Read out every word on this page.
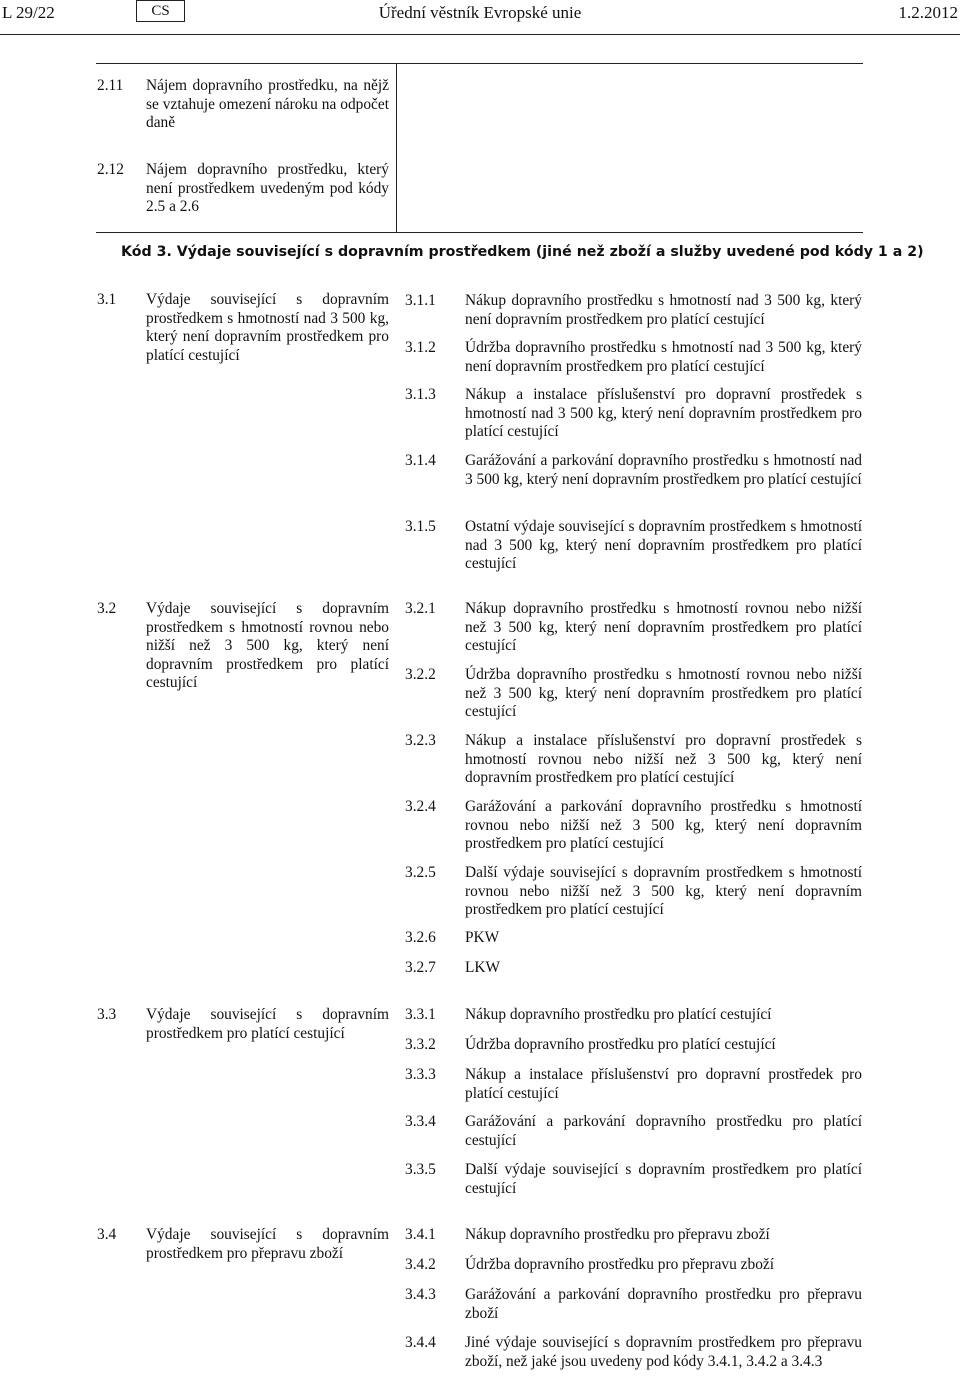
L 29/22	CS	Úřední věstník Evropské unie	1.2.2012
2.11	Nájem dopravního prostředku, na nějž se vztahuje omezení nároku na odpočet daně
2.12	Nájem dopravního prostředku, který není prostředkem uvedeným pod kódy 2.5 a 2.6
Kód 3. Výdaje související s dopravním prostředkem (jiné než zboží a služby uvedené pod kódy 1 a 2)
3.1	Výdaje související s dopravním prostředkem s hmotností nad 3 500 kg, který není dopravním prostředkem pro platící cestující
3.1.1	Nákup dopravního prostředku s hmotností nad 3 500 kg, který není dopravním prostředkem pro platící cestující
3.1.2	Údržba dopravního prostředku s hmotností nad 3 500 kg, který není dopravním prostředkem pro platící cestující
3.1.3	Nákup a instalace příslušenství pro dopravní prostředek s hmotností nad 3 500 kg, který není dopravním prostředkem pro platící cestující
3.1.4	Garážování a parkování dopravního prostředku s hmotností nad 3 500 kg, který není dopravním prostředkem pro platící cestující
3.1.5	Ostatní výdaje související s dopravním prostředkem s hmotností nad 3 500 kg, který není dopravním prostředkem pro platící cestující
3.2	Výdaje související s dopravním prostředkem s hmotností rovnou nebo nižší než 3 500 kg, který není dopravním prostředkem pro platící cestující
3.2.1	Nákup dopravního prostředku s hmotností rovnou nebo nižší než 3 500 kg, který není dopravním prostředkem pro platící cestující
3.2.2	Údržba dopravního prostředku s hmotností rovnou nebo nižší než 3 500 kg, který není dopravním prostředkem pro platící cestující
3.2.3	Nákup a instalace příslušenství pro dopravní prostředek s hmotností rovnou nebo nižší než 3 500 kg, který není dopravním prostředkem pro platící cestující
3.2.4	Garážování a parkování dopravního prostředku s hmotností rovnou nebo nižší než 3 500 kg, který není dopravním prostředkem pro platící cestující
3.2.5	Další výdaje související s dopravním prostředkem s hmotností rovnou nebo nižší než 3 500 kg, který není dopravním prostředkem pro platící cestující
3.2.6	PKW
3.2.7	LKW
3.3	Výdaje související s dopravním prostředkem pro platící cestující
3.3.1	Nákup dopravního prostředku pro platící cestující
3.3.2	Údržba dopravního prostředku pro platící cestující
3.3.3	Nákup a instalace příslušenství pro dopravní prostředek pro platící cestující
3.3.4	Garážování a parkování dopravního prostředku pro platící cestující
3.3.5	Další výdaje související s dopravním prostředkem pro platící cestující
3.4	Výdaje související s dopravním prostředkem pro přepravu zboží
3.4.1	Nákup dopravního prostředku pro přepravu zboží
3.4.2	Údržba dopravního prostředku pro přepravu zboží
3.4.3	Garážování a parkování dopravního prostředku pro přepravu zboží
3.4.4	Jiné výdaje související s dopravním prostředkem pro přepravu zboží, než jaké jsou uvedeny pod kódy 3.4.1, 3.4.2 a 3.4.3
